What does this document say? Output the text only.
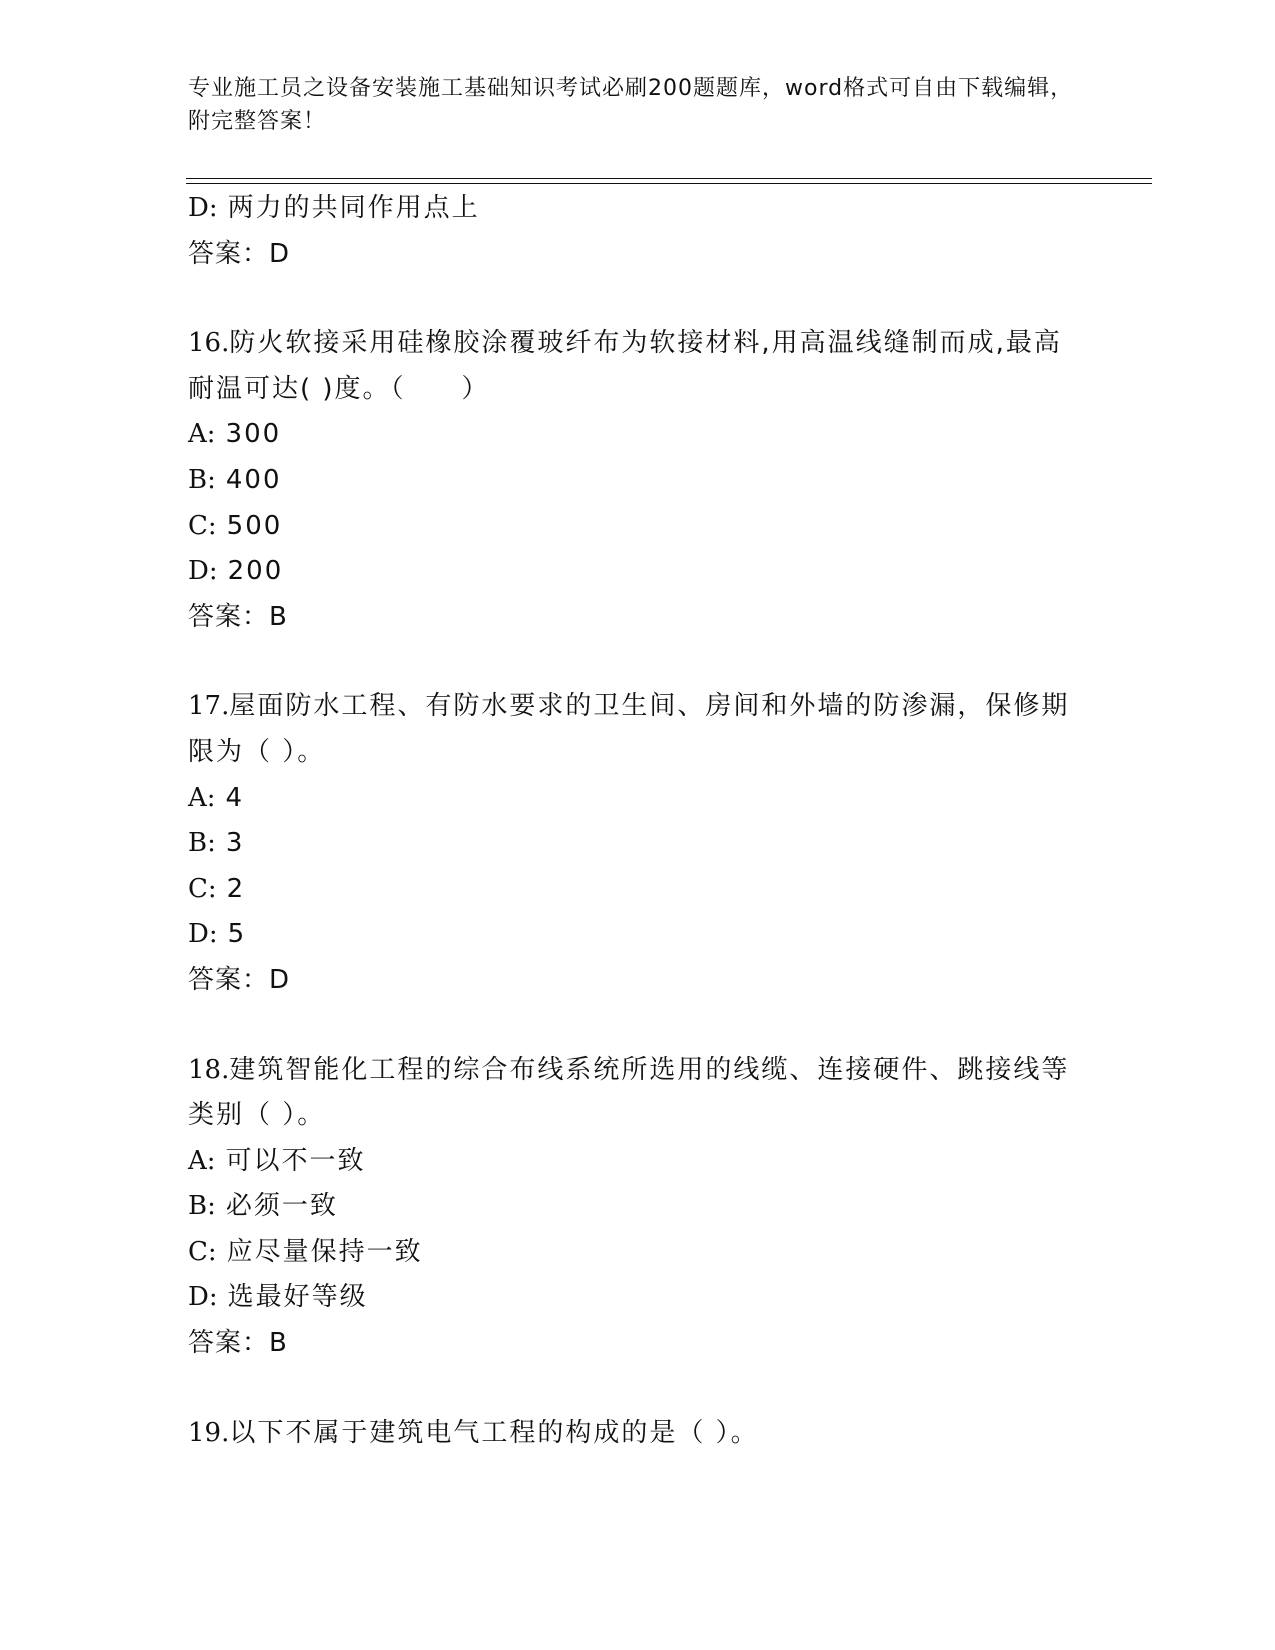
专业施工员之设备安装施工基础知识考试必刷200题题库，word格式可自由下载编辑，附完整答案！
D: 两力的共同作用点上
答案：D
16.防火软接采用硅橡胶涂覆玻纤布为软接材料,用高温线缝制而成,最高耐温可达( )度。（　　）
A: 300
B: 400
C: 500
D: 200
答案：B
17.屋面防水工程、有防水要求的卫生间、房间和外墙的防渗漏，保修期限为（ ）。
A: 4
B: 3
C: 2
D: 5
答案：D
18.建筑智能化工程的综合布线系统所选用的线缆、连接硬件、跳接线等类别（ ）。
A: 可以不一致
B: 必须一致
C: 应尽量保持一致
D: 选最好等级
答案：B
19.以下不属于建筑电气工程的构成的是（ ）。
